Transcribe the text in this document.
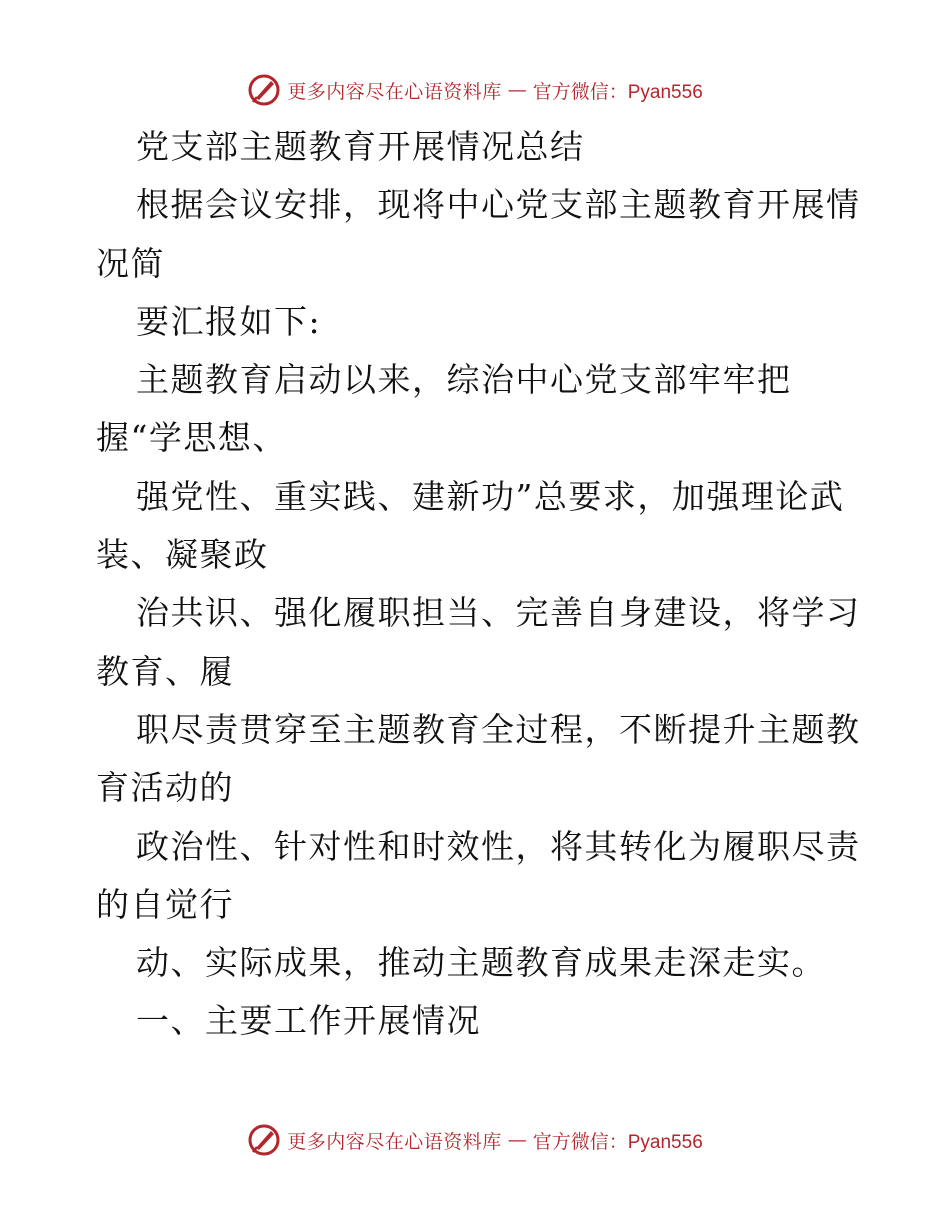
更多内容尽在心语资料库 — 官方微信：Pyan556
党支部主题教育开展情况总结
根据会议安排，现将中心党支部主题教育开展情
况简
要汇报如下:
主题教育启动以来，综治中心党支部牢牢把
握“学思想、
强党性、重实践、建新功”总要求，加强理论武
装、凝聚政
治共识、强化履职担当、完善自身建设，将学习
教育、履
职尽责贯穿至主题教育全过程，不断提升主题教
育活动的
政治性、针对性和时效性，将其转化为履职尽责
的自觉行
动、实际成果，推动主题教育成果走深走实。
一、主要工作开展情况
更多内容尽在心语资料库 — 官方微信：Pyan556
